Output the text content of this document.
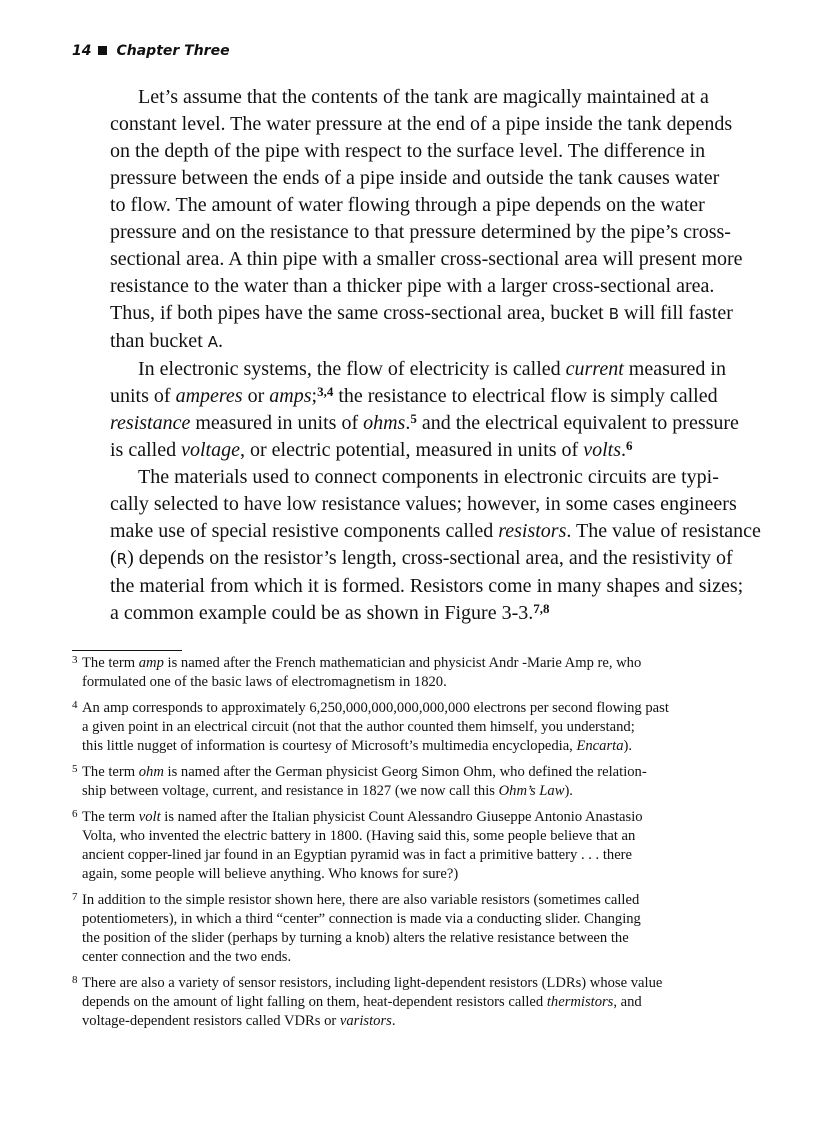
14 Chapter Three
Let’s assume that the contents of the tank are magically maintained at a
constant level. The water pressure at the end of a pipe inside the tank depends
on the depth of the pipe with respect to the surface level. The difference in
pressure between the ends of a pipe inside and outside the tank causes water
to flow. The amount of water flowing through a pipe depends on the water
pressure and on the resistance to that pressure determined by the pipe’s cross-
sectional area. A thin pipe with a smaller cross-sectional area will present more
resistance to the water than a thicker pipe with a larger cross-sectional area.
Thus, if both pipes have the same cross-sectional area, bucket B will fill faster
than bucket A.
In electronic systems, the flow of electricity is called current measured in
units of amperes or amps;$^{3,4}$ the resistance to electrical flow is simply called
resistance measured in units of ohms.$^5$ and the electrical equivalent to pressure
is called voltage, or electric potential, measured in units of volts.$^6$
The materials used to connect components in electronic circuits are typi-
cally selected to have low resistance values; however, in some cases engineers
make use of special resistive components called resistors. The value of resistance
(R) depends on the resistor’s length, cross-sectional area, and the resistivity of
the material from which it is formed. Resistors come in many shapes and sizes;
a common example could be as shown in Figure 3-3.$^{7,8}$
3 The term amp is named after the French mathematician and physicist Andr -Marie Amp re, who
formulated one of the basic laws of electromagnetism in 1820.
4 An amp corresponds to approximately 6,250,000,000,000,000,000 electrons per second flowing past
a given point in an electrical circuit (not that the author counted them himself, you understand;
this little nugget of information is courtesy of Microsoft’s multimedia encyclopedia, Encarta).
5 The term ohm is named after the German physicist Georg Simon Ohm, who defined the relation-
ship between voltage, current, and resistance in 1827 (we now call this Ohm’s Law).
6 The term volt is named after the Italian physicist Count Alessandro Giuseppe Antonio Anastasio
Volta, who invented the electric battery in 1800. (Having said this, some people believe that an
ancient copper-lined jar found in an Egyptian pyramid was in fact a primitive battery . . . there
again, some people will believe anything. Who knows for sure?)
7 In addition to the simple resistor shown here, there are also variable resistors (sometimes called
potentiometers), in which a third “center” connection is made via a conducting slider. Changing
the position of the slider (perhaps by turning a knob) alters the relative resistance between the
center connection and the two ends.
8 There are also a variety of sensor resistors, including light-dependent resistors (LDRs) whose value
depends on the amount of light falling on them, heat-dependent resistors called thermistors, and
voltage-dependent resistors called VDRs or varistors.
